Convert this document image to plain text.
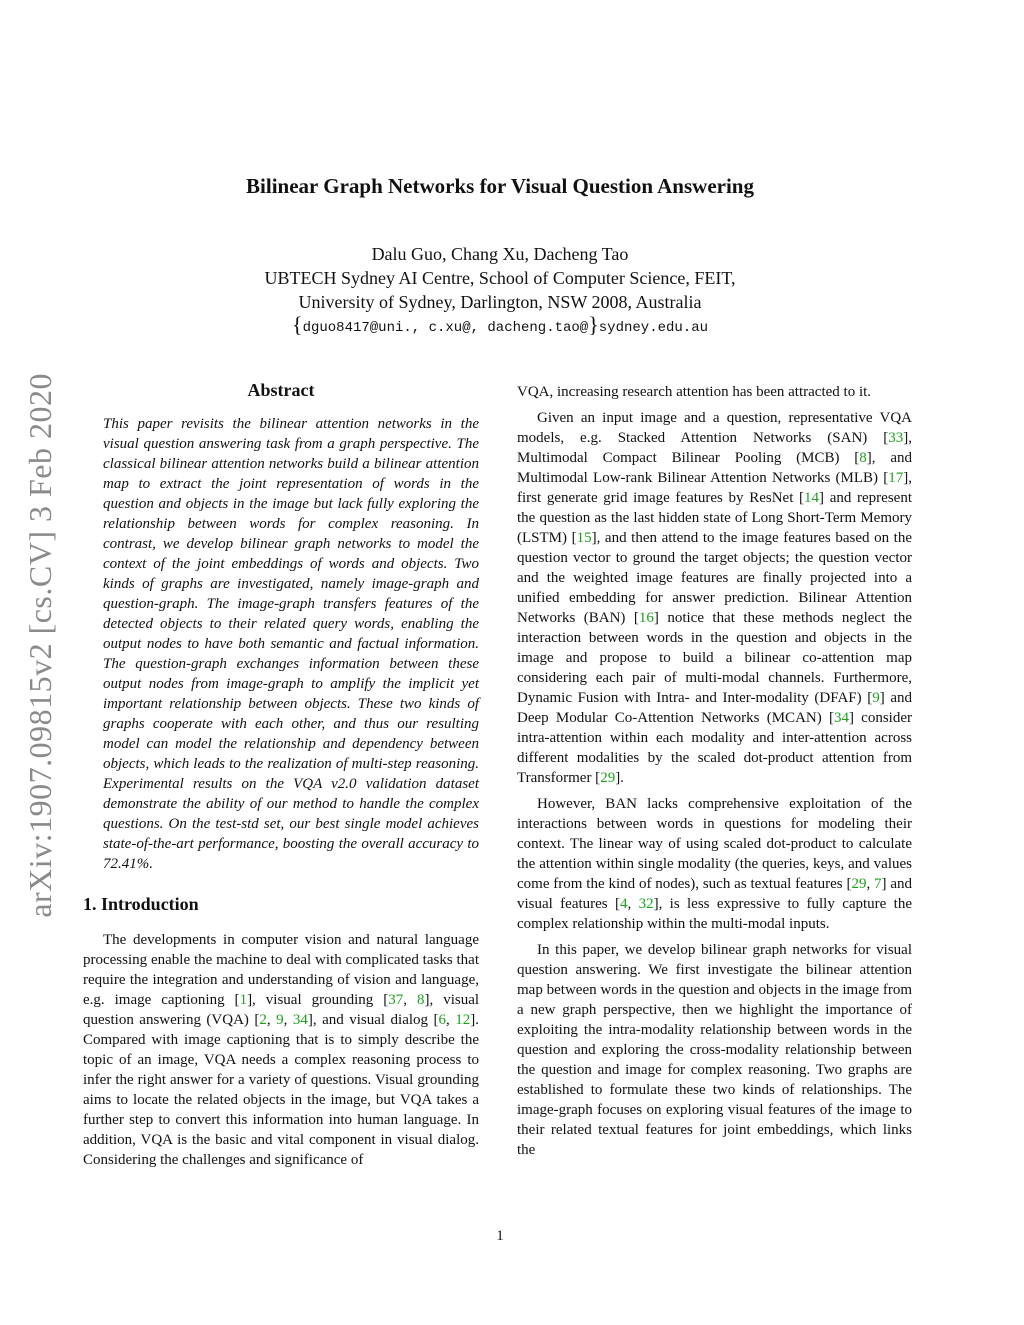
arXiv:1907.09815v2 [cs.CV] 3 Feb 2020
Bilinear Graph Networks for Visual Question Answering
Dalu Guo, Chang Xu, Dacheng Tao
UBTECH Sydney AI Centre, School of Computer Science, FEIT,
University of Sydney, Darlington, NSW 2008, Australia
{dguo8417@uni., c.xu@, dacheng.tao@}sydney.edu.au
Abstract

This paper revisits the bilinear attention networks in the visual question answering task from a graph perspective. The classical bilinear attention networks build a bilinear attention map to extract the joint representation of words in the question and objects in the image but lack fully exploring the relationship between words for complex reasoning. In contrast, we develop bilinear graph networks to model the context of the joint embeddings of words and objects. Two kinds of graphs are investigated, namely image-graph and question-graph. The image-graph transfers features of the detected objects to their related query words, enabling the output nodes to have both semantic and factual information. The question-graph exchanges information between these output nodes from image-graph to amplify the implicit yet important relationship between objects. These two kinds of graphs cooperate with each other, and thus our resulting model can model the relationship and dependency between objects, which leads to the realization of multi-step reasoning. Experimental results on the VQA v2.0 validation dataset demonstrate the ability of our method to handle the complex questions. On the test-std set, our best single model achieves state-of-the-art performance, boosting the overall accuracy to 72.41%.

1. Introduction

The developments in computer vision and natural language processing enable the machine to deal with complicated tasks that require the integration and understanding of vision and language, e.g. image captioning [1], visual grounding [37, 8], visual question answering (VQA) [2, 9, 34], and visual dialog [6, 12]. Compared with image captioning that is to simply describe the topic of an image, VQA needs a complex reasoning process to infer the right answer for a variety of questions. Visual grounding aims to locate the related objects in the image, but VQA takes a further step to convert this information into human language. In addition, VQA is the basic and vital component in visual dialog. Considering the challenges and significance of

VQA, increasing research attention has been attracted to it.

Given an input image and a question, representative VQA models, e.g. Stacked Attention Networks (SAN) [33], Multimodal Compact Bilinear Pooling (MCB) [8], and Multimodal Low-rank Bilinear Attention Networks (MLB) [17], first generate grid image features by ResNet [14] and represent the question as the last hidden state of Long Short-Term Memory (LSTM) [15], and then attend to the image features based on the question vector to ground the target objects; the question vector and the weighted image features are finally projected into a unified embedding for answer prediction. Bilinear Attention Networks (BAN) [16] notice that these methods neglect the interaction between words in the question and objects in the image and propose to build a bilinear co-attention map considering each pair of multi-modal channels. Furthermore, Dynamic Fusion with Intra- and Inter-modality (DFAF) [9] and Deep Modular Co-Attention Networks (MCAN) [34] consider intra-attention within each modality and inter-attention across different modalities by the scaled dot-product attention from Transformer [29].

However, BAN lacks comprehensive exploitation of the interactions between words in questions for modeling their context. The linear way of using scaled dot-product to calculate the attention within single modality (the queries, keys, and values come from the kind of nodes), such as textual features [29, 7] and visual features [4, 32], is less expressive to fully capture the complex relationship within the multi-modal inputs.

In this paper, we develop bilinear graph networks for visual question answering. We first investigate the bilinear attention map between words in the question and objects in the image from a new graph perspective, then we highlight the importance of exploiting the intra-modality relationship between words in the question and exploring the cross-modality relationship between the question and image for complex reasoning. Two graphs are established to formulate these two kinds of relationships. The image-graph focuses on exploring visual features of the image to their related textual features for joint embeddings, which links the

1
